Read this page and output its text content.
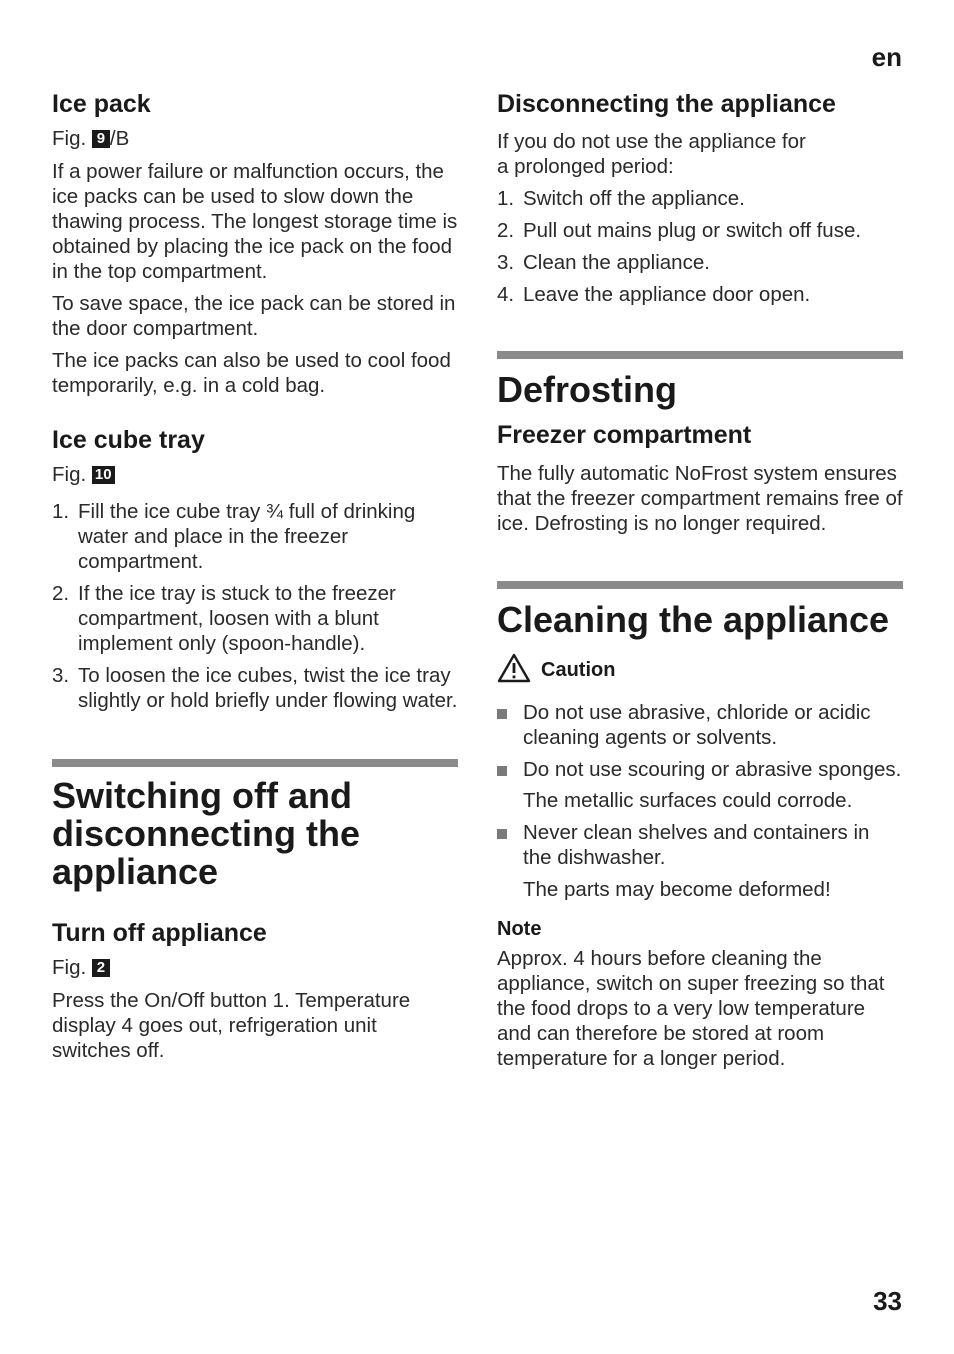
en
Ice pack
Fig. 9 /B

If a power failure or malfunction occurs, the ice packs can be used to slow down the thawing process. The longest storage time is obtained by placing the ice pack on the food in the top compartment.

To save space, the ice pack can be stored in the door compartment.

The ice packs can also be used to cool food temporarily, e.g. in a cold bag.

Ice cube tray
Fig. 10
1. Fill the ice cube tray ¾ full of drinking water and place in the freezer compartment.
2. If the ice tray is stuck to the freezer compartment, loosen with a blunt implement only (spoon-handle).
3. To loosen the ice cubes, twist the ice tray slightly or hold briefly under flowing water.
Switching off and disconnecting the appliance
Turn off appliance
Fig. 2

Press the On/Off button 1. Temperature display 4 goes out, refrigeration unit switches off.

Disconnecting the appliance

If you do not use the appliance for a prolonged period:

1. Switch off the appliance.
2. Pull out mains plug or switch off fuse.
3. Clean the appliance.
4. Leave the appliance door open.
Defrosting
Freezer compartment

The fully automatic NoFrost system ensures that the freezer compartment remains free of ice. Defrosting is no longer required.

Cleaning the appliance
Caution
Do not use abrasive, chloride or acidic cleaning agents or solvents.
Do not use scouring or abrasive sponges.

The metallic surfaces could corrode.

Never clean shelves and containers in the dishwasher.

The parts may become deformed!

Note

Approx. 4 hours before cleaning the appliance, switch on super freezing so that the food drops to a very low temperature and can therefore be stored at room temperature for a longer period.

33
